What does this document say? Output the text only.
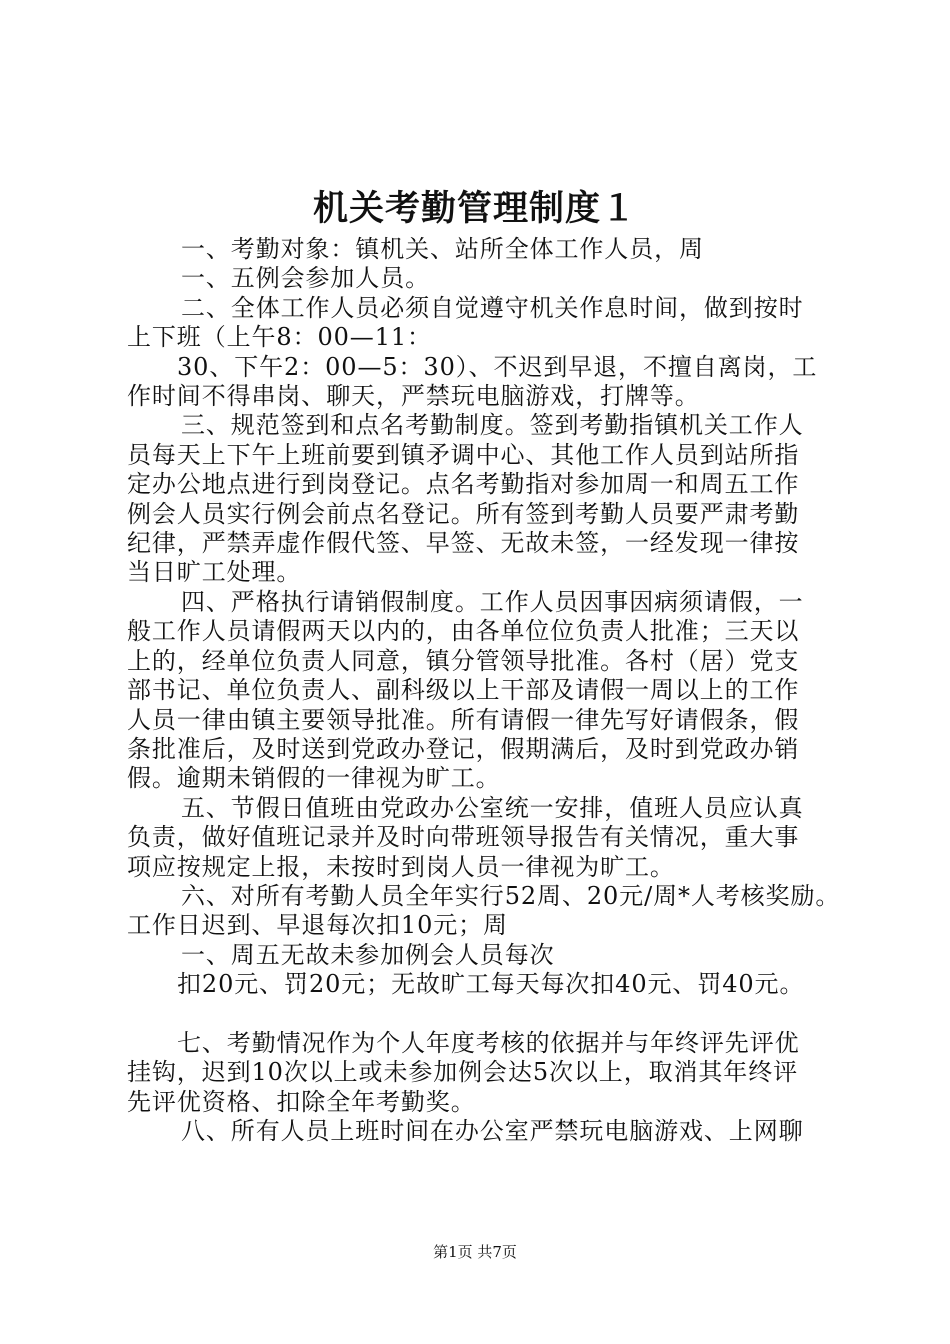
机关考勤管理制度１
一、考勤对象：镇机关、站所全体工作人员，周
一、五例会参加人员。
二、全体工作人员必须自觉遵守机关作息时间，做到按时
上下班（上午8：00—11：
30、下午2：00—5：30）、不迟到早退，不擅自离岗，工
作时间不得串岗、聊天，严禁玩电脑游戏，打牌等。
三、规范签到和点名考勤制度。签到考勤指镇机关工作人
员每天上下午上班前要到镇矛调中心、其他工作人员到站所指
定办公地点进行到岗登记。点名考勤指对参加周一和周五工作
例会人员实行例会前点名登记。所有签到考勤人员要严肃考勤
纪律，严禁弄虚作假代签、早签、无故未签，一经发现一律按
当日旷工处理。
四、严格执行请销假制度。工作人员因事因病须请假，一
般工作人员请假两天以内的，由各单位位负责人批准；三天以
上的，经单位负责人同意，镇分管领导批准。各村（居）党支
部书记、单位负责人、副科级以上干部及请假一周以上的工作
人员一律由镇主要领导批准。所有请假一律先写好请假条，假
条批准后，及时送到党政办登记，假期满后，及时到党政办销
假。逾期未销假的一律视为旷工。
五、节假日值班由党政办公室统一安排，值班人员应认真
负责，做好值班记录并及时向带班领导报告有关情况，重大事
项应按规定上报，未按时到岗人员一律视为旷工。
六、对所有考勤人员全年实行52周、20元/周*人考核奖励。
工作日迟到、早退每次扣10元；周
一、周五无故未参加例会人员每次
扣20元、罚20元；无故旷工每天每次扣40元、罚40元。
七、考勤情况作为个人年度考核的依据并与年终评先评优
挂钩，迟到10次以上或未参加例会达5次以上，取消其年终评
先评优资格、扣除全年考勤奖。
八、所有人员上班时间在办公室严禁玩电脑游戏、上网聊
第1页 共7页
